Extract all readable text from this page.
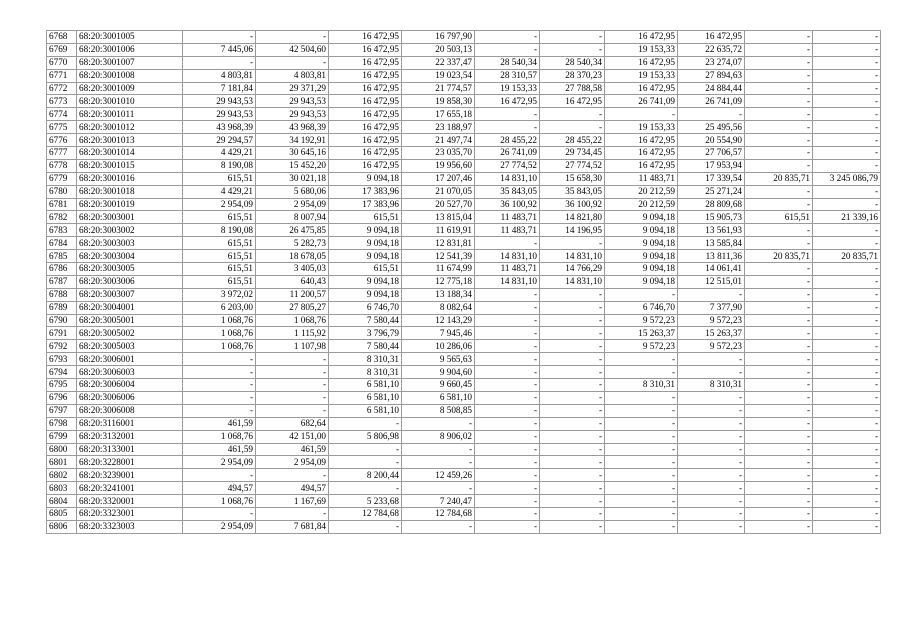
6768	68:20:3001005	-	-	16 472,95	16 797,90	-	-	16 472,95	16 472,95	-	-
6769	68:20:3001006	7 445,06	42 504,60	16 472,95	20 503,13	-	-	19 153,33	22 635,72	-	-
6770	68:20:3001007	-	-	16 472,95	22 337,47	28 540,34	28 540,34	16 472,95	23 274,07	-	-
6771	68:20:3001008	4 803,81	4 803,81	16 472,95	19 023,54	28 310,57	28 370,23	19 153,33	27 894,63	-	-
6772	68:20:3001009	7 181,84	29 371,29	16 472,95	21 774,57	19 153,33	27 788,58	16 472,95	24 884,44	-	-
6773	68:20:3001010	29 943,53	29 943,53	16 472,95	19 858,30	16 472,95	16 472,95	26 741,09	26 741,09	-	-
6774	68:20:3001011	29 943,53	29 943,53	16 472,95	17 655,18	-	-	-	-	-	-
6775	68:20:3001012	43 968,39	43 968,39	16 472,95	23 188,97	-	-	19 153,33	25 495,56	-	-
6776	68:20:3001013	29 294,57	34 192,91	16 472,95	21 497,74	28 455,22	28 455,22	16 472,95	20 554,90	-	-
6777	68:20:3001014	4 429,21	30 645,16	16 472,95	23 035,70	26 741,09	29 734,45	16 472,95	27 706,57	-	-
6778	68:20:3001015	8 190,08	15 452,20	16 472,95	19 956,60	27 774,52	27 774,52	16 472,95	17 953,94	-	-
6779	68:20:3001016	615,51	30 021,18	9 094,18	17 207,46	14 831,10	15 658,30	11 483,71	17 339,54	20 835,71	3 245 086,79
6780	68:20:3001018	4 429,21	5 680,06	17 383,96	21 070,05	35 843,05	35 843,05	20 212,59	25 271,24	-	-
6781	68:20:3001019	2 954,09	2 954,09	17 383,96	20 527,70	36 100,92	36 100,92	20 212,59	28 809,68	-	-
6782	68:20:3003001	615,51	8 007,94	615,51	13 815,04	11 483,71	14 821,80	9 094,18	15 905,73	615,51	21 339,16
6783	68:20:3003002	8 190,08	26 475,85	9 094,18	11 619,91	11 483,71	14 196,95	9 094,18	13 561,93	-	-
6784	68:20:3003003	615,51	5 282,73	9 094,18	12 831,81	-	-	9 094,18	13 585,84	-	-
6785	68:20:3003004	615,51	18 678,05	9 094,18	12 541,39	14 831,10	14 831,10	9 094,18	13 811,36	20 835,71	20 835,71
6786	68:20:3003005	615,51	3 405,03	615,51	11 674,99	11 483,71	14 766,29	9 094,18	14 061,41	-	-
6787	68:20:3003006	615,51	640,43	9 094,18	12 775,18	14 831,10	14 831,10	9 094,18	12 515,01	-	-
6788	68:20:3003007	3 972,02	11 200,57	9 094,18	13 188,34	-	-	-	-	-	-
6789	68:20:3004001	6 203,00	27 805,27	6 746,70	8 082,64	-	-	6 746,70	7 377,90	-	-
6790	68:20:3005001	1 068,76	1 068,76	7 580,44	12 143,29	-	-	9 572,23	9 572,23	-	-
6791	68:20:3005002	1 068,76	1 115,92	3 796,79	7 945,46	-	-	15 263,37	15 263,37	-	-
6792	68:20:3005003	1 068,76	1 107,98	7 580,44	10 286,06	-	-	9 572,23	9 572,23	-	-
6793	68:20:3006001	-	-	8 310,31	9 565,63	-	-	-	-	-	-
6794	68:20:3006003	-	-	8 310,31	9 904,60	-	-	-	-	-	-
6795	68:20:3006004	-	-	6 581,10	9 660,45	-	-	8 310,31	8 310,31	-	-
6796	68:20:3006006	-	-	6 581,10	6 581,10	-	-	-	-	-	-
6797	68:20:3006008	-	-	6 581,10	8 508,85	-	-	-	-	-	-
6798	68:20:3116001	461,59	682,64	-	-	-	-	-	-	-	-
6799	68:20:3132001	1 068,76	42 151,00	5 806,98	8 906,02	-	-	-	-	-	-
6800	68:20:3133001	461,59	461,59	-	-	-	-	-	-	-	-
6801	68:20:3228001	2 954,09	2 954,09	-	-	-	-	-	-	-	-
6802	68:20:3239001	-	-	8 200,44	12 459,26	-	-	-	-	-	-
6803	68:20:3241001	494,57	494,57	-	-	-	-	-	-	-	-
6804	68:20:3320001	1 068,76	1 167,69	5 233,68	7 240,47	-	-	-	-	-	-
6805	68:20:3323001	-	-	12 784,68	12 784,68	-	-	-	-	-	-
6806	68:20:3323003	2 954,09	7 681,84	-	-	-	-	-	-	-	-
